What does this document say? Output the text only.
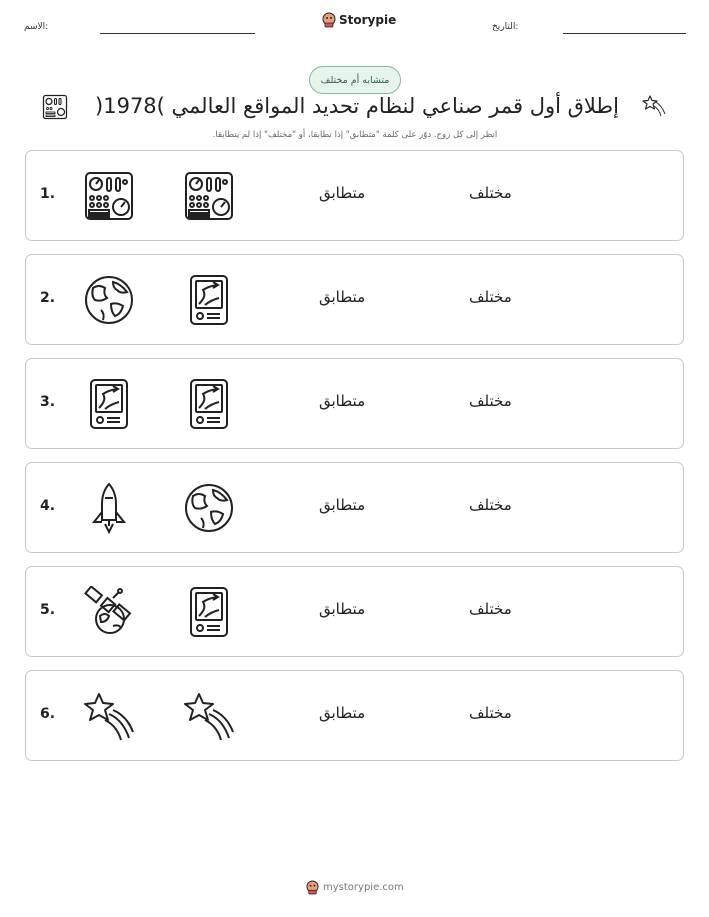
الاسم:	Storypie	التاريخ:
متشابه أم مختلف
إطلاق أول قمر صناعي لنظام تحديد المواقع العالمي )1978(
انظر إلى كل زوج. دوّر على كلمة "متطابق" إذا تطابقا، أو "مختلف" إذا لم يتطابقا.
1.	متطابق	مختلف
2.	متطابق	مختلف
3.	متطابق	مختلف
4.	متطابق	مختلف
5.	متطابق	مختلف
6.	متطابق	مختلف
mystorypie.com
